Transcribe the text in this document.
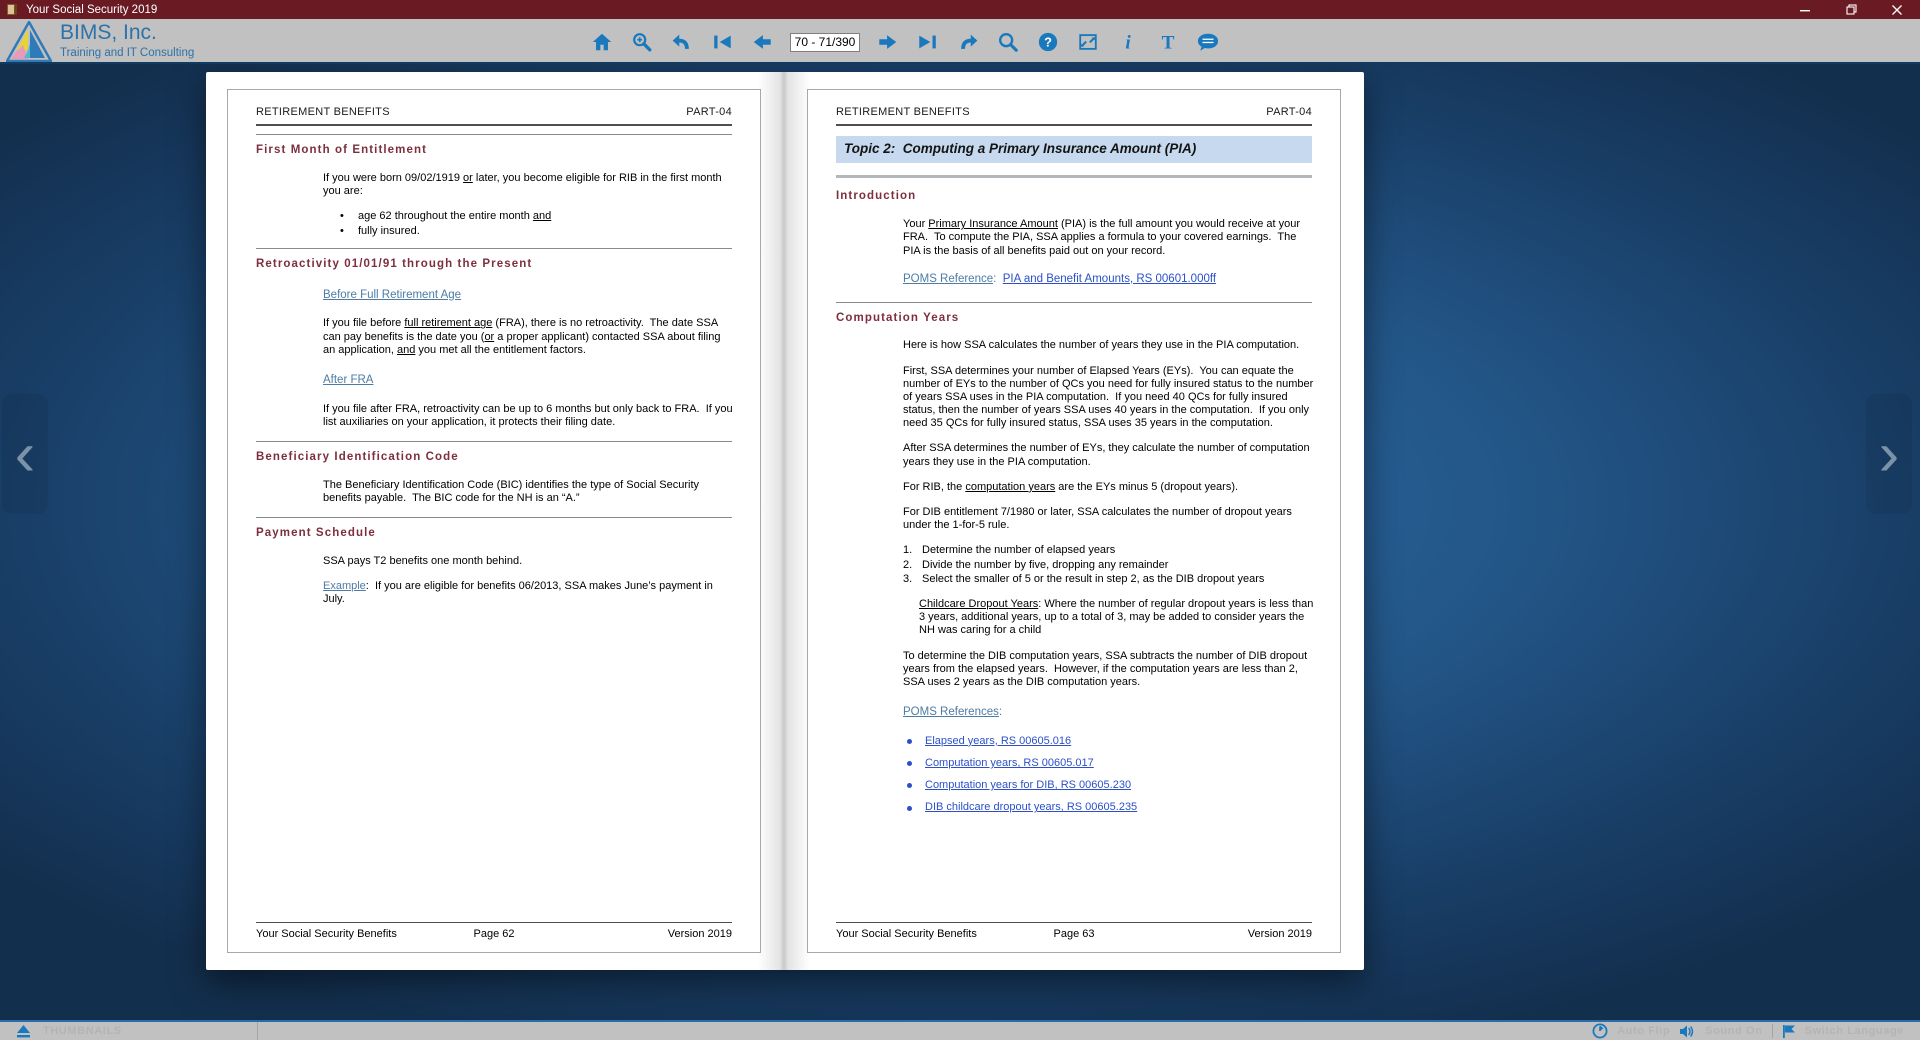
Your Social Security 2019
BIMS, Inc.
Training and IT Consulting
70 - 71/390	?	i T
‹	›
RETIREMENT BENEFITS	PART-04
First Month of Entitlement
If you were born 09/02/1919 or later, you become eligible for RIB in the first month you are:
•	age 62 throughout the entire month and
•	fully insured.
Retroactivity 01/01/91 through the Present
Before Full Retirement Age
If you file before full retirement age (FRA), there is no retroactivity.  The date SSA can pay benefits is the date you (or a proper applicant) contacted SSA about filing an application, and you met all the entitlement factors.
After FRA
If you file after FRA, retroactivity can be up to 6 months but only back to FRA.  If you list auxiliaries on your application, it protects their filing date.
Beneficiary Identification Code
The Beneficiary Identification Code (BIC) identifies the type of Social Security benefits payable.  The BIC code for the NH is an “A.”
Payment Schedule
SSA pays T2 benefits one month behind.
Example:  If you are eligible for benefits 06/2013, SSA makes June’s payment in July.
Your Social Security Benefits	Page 62	Version 2019
RETIREMENT BENEFITS	PART-04
Topic 2:  Computing a Primary Insurance Amount (PIA)
Introduction
Your Primary Insurance Amount (PIA) is the full amount you would receive at your FRA.  To compute the PIA, SSA applies a formula to your covered earnings.  The PIA is the basis of all benefits paid out on your record.
POMS Reference:  PIA and Benefit Amounts, RS 00601.000ff
Computation Years
Here is how SSA calculates the number of years they use in the PIA computation.
First, SSA determines your number of Elapsed Years (EYs).  You can equate the number of EYs to the number of QCs you need for fully insured status to the number of years SSA uses in the PIA computation.  If you need 40 QCs for fully insured status, then the number of years SSA uses 40 years in the computation.  If you only need 35 QCs for fully insured status, SSA uses 35 years in the computation.
After SSA determines the number of EYs, they calculate the number of computation years they use in the PIA computation.
For RIB, the computation years are the EYs minus 5 (dropout years).
For DIB entitlement 7/1980 or later, SSA calculates the number of dropout years under the 1-for-5 rule.
1. Determine the number of elapsed years
2. Divide the number by five, dropping any remainder
3. Select the smaller of 5 or the result in step 2, as the DIB dropout years
Childcare Dropout Years: Where the number of regular dropout years is less than 3 years, additional years, up to a total of 3, may be added to consider years the NH was caring for a child
To determine the DIB computation years, SSA subtracts the number of DIB dropout years from the elapsed years.  However, if the computation years are less than 2, SSA uses 2 years as the DIB computation years.
POMS References:
Elapsed years, RS 00605.016
Computation years, RS 00605.017
Computation years for DIB, RS 00605.230
DIB childcare dropout years, RS 00605.235
Your Social Security Benefits	Page 63	Version 2019
THUMBNAILS	Auto Flip	Sound On	Switch Language
